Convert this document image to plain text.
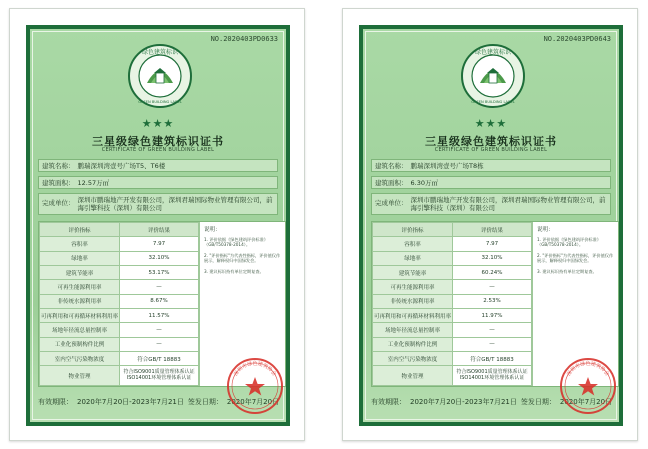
NO.2020403PD0633
绿色建筑标识
GREEN BUILDING LABEL
★★★
三星级绿色建筑标识证书
CERTIFICATE OF GREEN BUILDING LABEL
建筑名称： 鹏瑞深圳湾壹号广场T5、T6楼
建筑面积： 12.57万㎡
完成单位： 深圳市鹏瑞地产开发有限公司，深圳君瑞国际物业管理有限公司，前海引擎科技（深圳）有限公司
评价指标	评价结果
容积率	7.97
绿地率	32.10%
建筑节能率	53.17%
可再生能源利用率	—
非传统水源利用率	8.67%
可再利用和可再循环材料利用率	11.57%
场地年径流总量控制率	—
工业化预制构件比例	—
室内空气污染物浓度	符合GB/T 18883
物业管理	符合ISO9001质量管理体系认证 ISO14001环境管理体系认证
说明：

1. 评价依据《绿色建筑评价标准》（GB/T50378-2014）。

2. "评价指标"为代表性指标，评价值仅作展示，解释权归中国绿发会。

3. 建议标识持有单位定期复查。

有效期限： 2020年7月20日-2023年7月21日 签发日期： 2020年7月20日
深圳市绿色建筑协会
NO.2020403PD0643
绿色建筑标识
GREEN BUILDING LABEL
★★★
三星级绿色建筑标识证书
CERTIFICATE OF GREEN BUILDING LABEL
建筑名称： 鹏瑞深圳湾壹号广场T8栋
建筑面积： 6.30万㎡
完成单位： 深圳市鹏瑞地产开发有限公司，深圳君瑞国际物业管理有限公司，前海引擎科技（深圳）有限公司
评价指标	评价结果
容积率	7.97
绿地率	32.10%
建筑节能率	60.24%
可再生能源利用率	—
非传统水源利用率	2.53%
可再利用和可再循环材料利用率	11.97%
场地年径流总量控制率	—
工业化预制构件比例	—
室内空气污染物浓度	符合GB/T 18883
物业管理	符合ISO9001质量管理体系认证 ISO14001环境管理体系认证
说明：

1. 评价依据《绿色建筑评价标准》（GB/T50378-2014）。

2. "评价指标"为代表性指标，评价值仅作展示，解释权归中国绿发会。

3. 建议标识持有单位定期复查。

有效期限： 2020年7月20日-2023年7月21日 签发日期： 2020年7月20日
深圳市绿色建筑协会
